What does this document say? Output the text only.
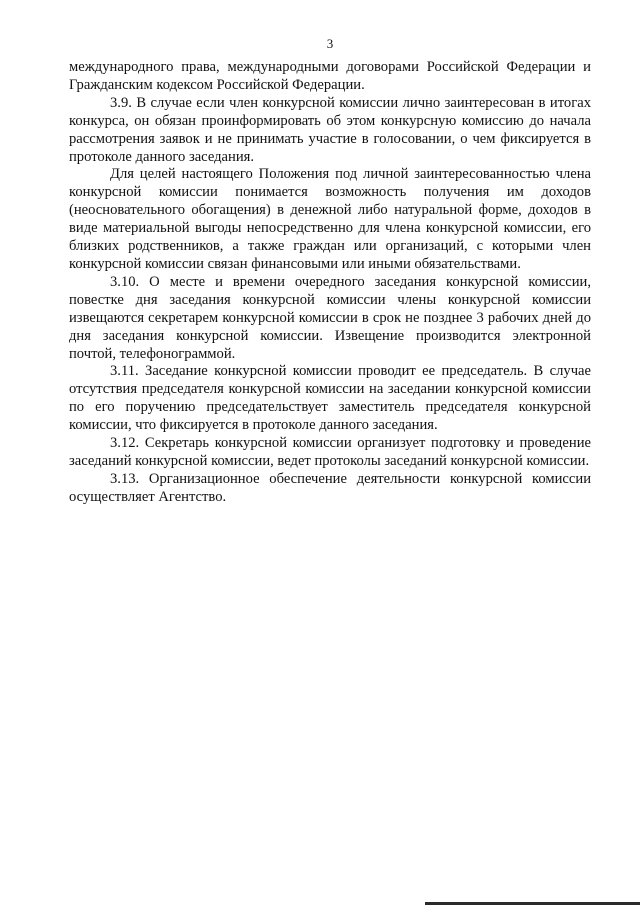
3

международного права, международными договорами Российской Федерации и Гражданским кодексом Российской Федерации.

3.9. В случае если член конкурсной комиссии лично заинтересован в итогах конкурса, он обязан проинформировать об этом конкурсную комиссию до начала рассмотрения заявок и не принимать участие в голосовании, о чем фиксируется в протоколе данного заседания.

Для целей настоящего Положения под личной заинтересованностью члена конкурсной комиссии понимается возможность получения им доходов (неосновательного обогащения) в денежной либо натуральной форме, доходов в виде материальной выгоды непосредственно для члена конкурсной комиссии, его близких родственников, а также граждан или организаций, с которыми член конкурсной комиссии связан финансовыми или иными обязательствами.

3.10. О месте и времени очередного заседания конкурсной комиссии, повестке дня заседания конкурсной комиссии члены конкурсной комиссии извещаются секретарем конкурсной комиссии в срок не позднее 3 рабочих дней до дня заседания конкурсной комиссии. Извещение производится электронной почтой, телефонограммой.

3.11. Заседание конкурсной комиссии проводит ее председатель. В случае отсутствия председателя конкурсной комиссии на заседании конкурсной комиссии по его поручению председательствует заместитель председателя конкурсной комиссии, что фиксируется в протоколе данного заседания.

3.12. Секретарь конкурсной комиссии организует подготовку и проведение заседаний конкурсной комиссии, ведет протоколы заседаний конкурсной комиссии.

3.13. Организационное обеспечение деятельности конкурсной комиссии осуществляет Агентство.
